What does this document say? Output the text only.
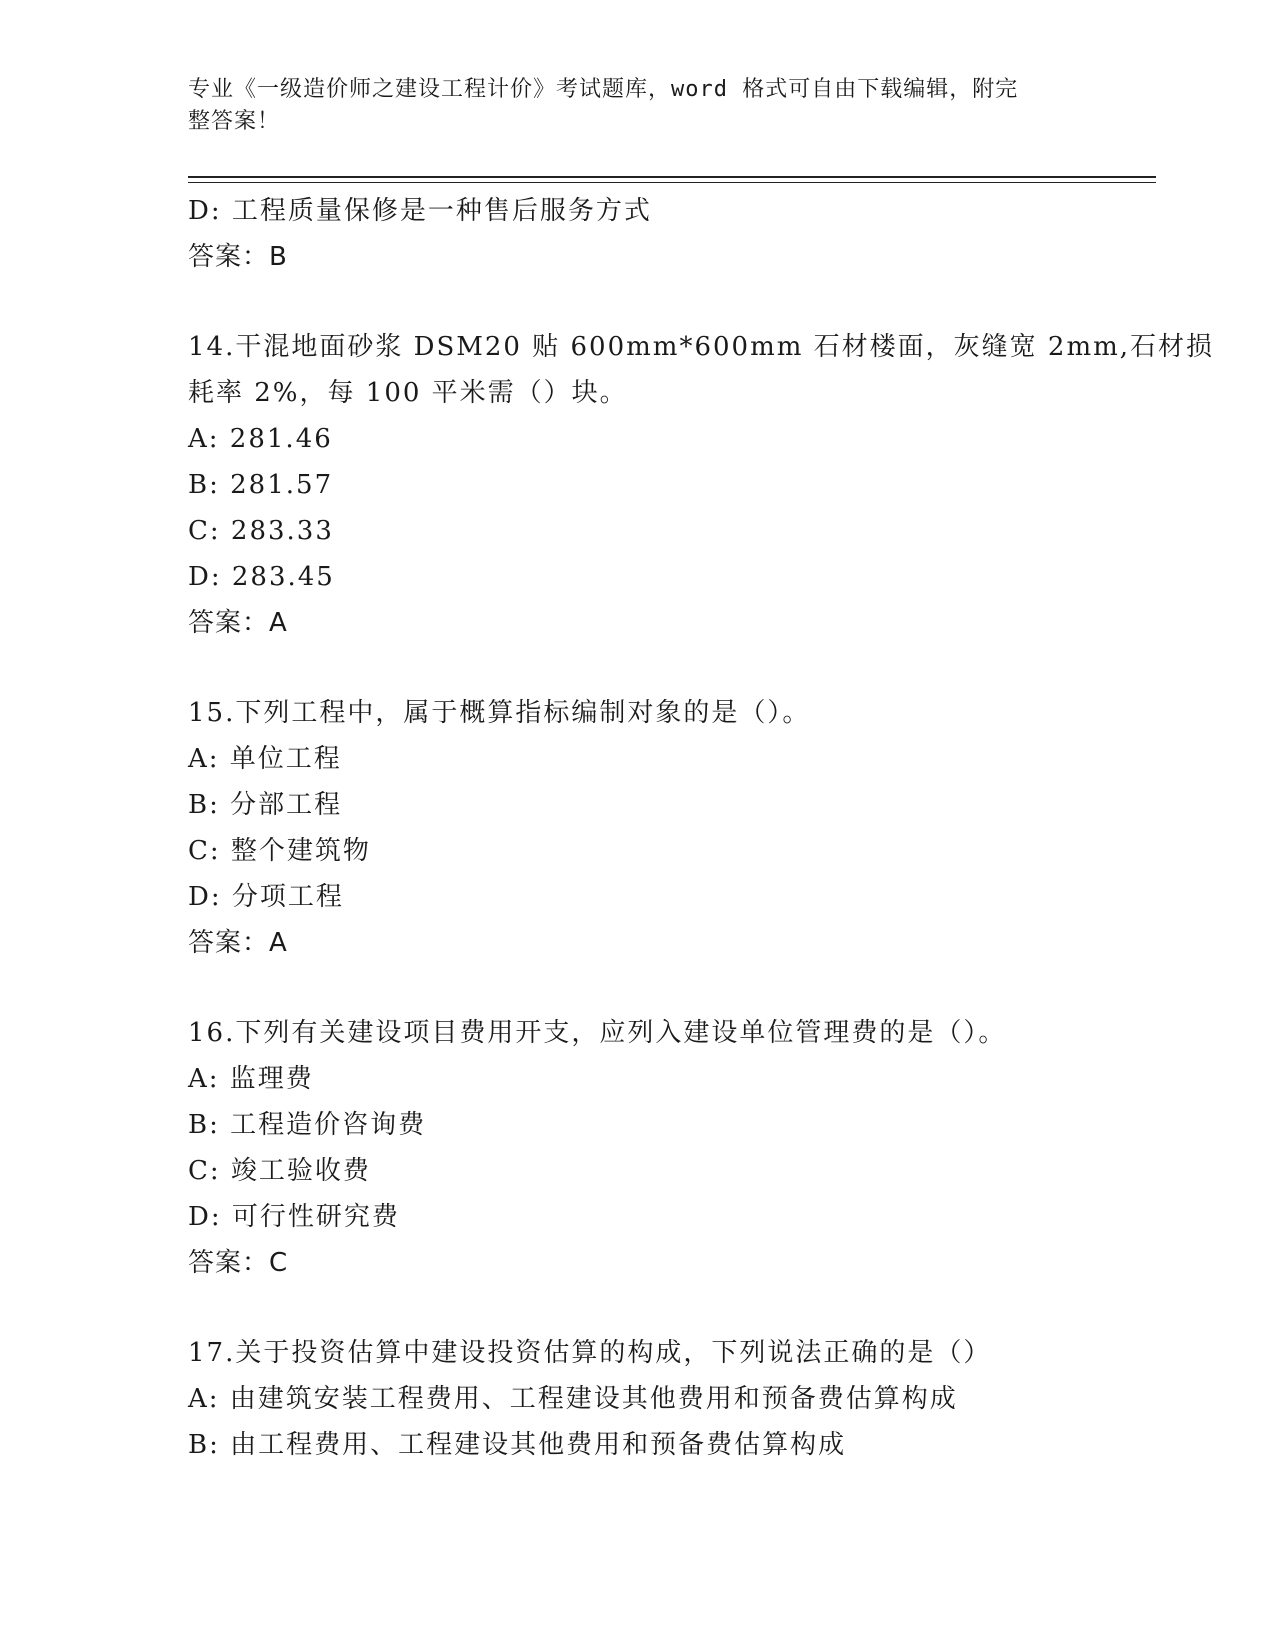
专业《一级造价师之建设工程计价》考试题库，word 格式可自由下载编辑，附完
整答案！
D: 工程质量保修是一种售后服务方式
答案：B
14.干混地面砂浆 DSM20 贴 600mm*600mm 石材楼面，灰缝宽 2mm,石材损
耗率 2%，每 100 平米需（）块。
A: 281.46
B: 281.57
C: 283.33
D: 283.45
答案：A
15.下列工程中，属于概算指标编制对象的是（）。
A: 单位工程
B: 分部工程
C: 整个建筑物
D: 分项工程
答案：A
16.下列有关建设项目费用开支，应列入建设单位管理费的是（）。
A: 监理费
B: 工程造价咨询费
C: 竣工验收费
D: 可行性研究费
答案：C
17.关于投资估算中建设投资估算的构成，下列说法正确的是（）
A: 由建筑安装工程费用、工程建设其他费用和预备费估算构成
B: 由工程费用、工程建设其他费用和预备费估算构成
